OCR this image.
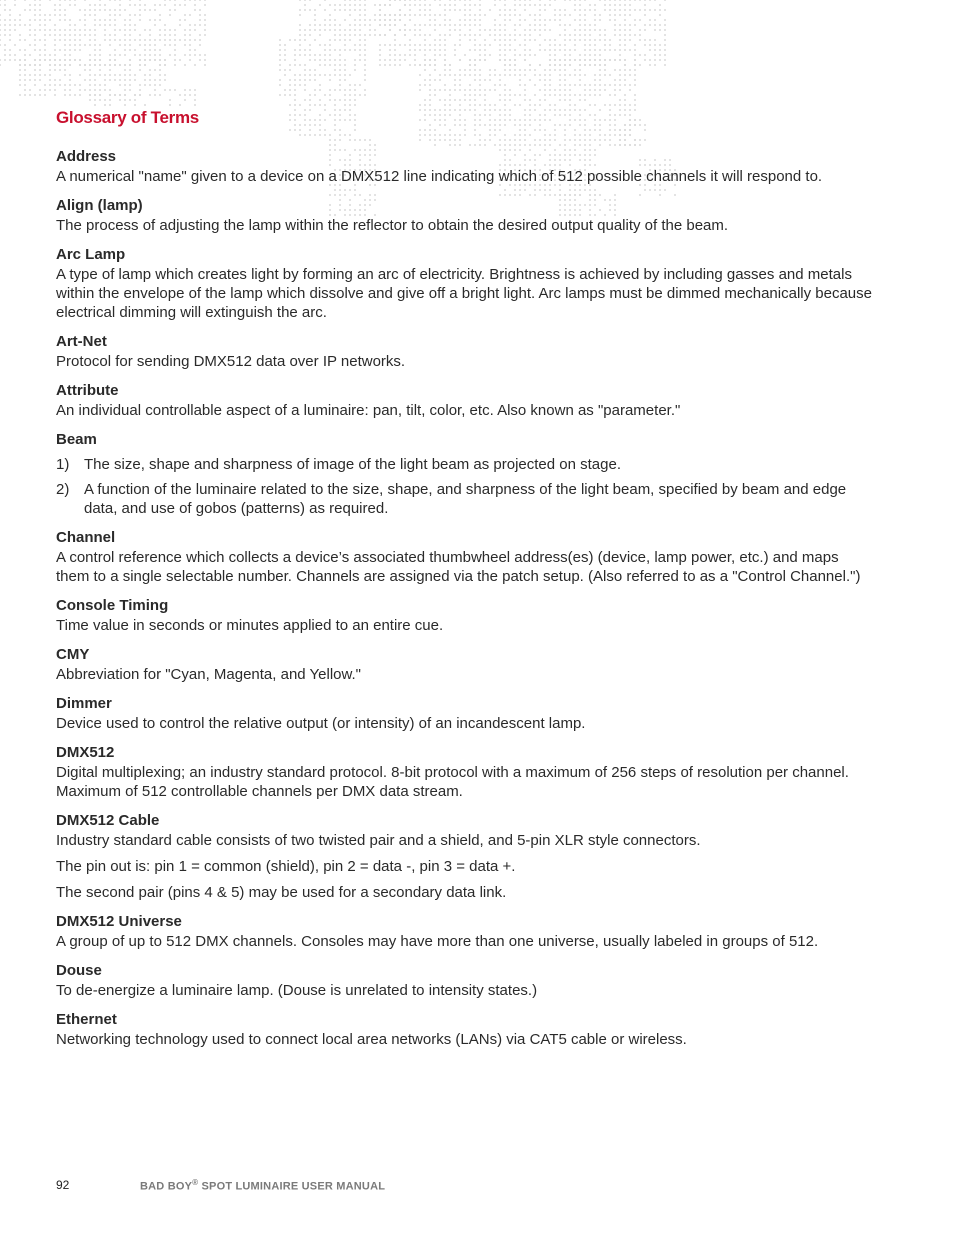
Glossary of Terms
Address
A numerical "name" given to a device on a DMX512 line indicating which of 512 possible channels it will respond to.
Align (lamp)
The process of adjusting the lamp within the reflector to obtain the desired output quality of the beam.
Arc Lamp
A type of lamp which creates light by forming an arc of electricity. Brightness is achieved by including gasses and metals within the envelope of the lamp which dissolve and give off a bright light. Arc lamps must be dimmed mechanically because electrical dimming will extinguish the arc.
Art-Net
Protocol for sending DMX512 data over IP networks.
Attribute
An individual controllable aspect of a luminaire: pan, tilt, color, etc. Also known as "parameter."
Beam
1) The size, shape and sharpness of image of the light beam as projected on stage.
2) A function of the luminaire related to the size, shape, and sharpness of the light beam, specified by beam and edge data, and use of gobos (patterns) as required.
Channel
A control reference which collects a device’s associated thumbwheel address(es) (device, lamp power, etc.) and maps them to a single selectable number. Channels are assigned via the patch setup. (Also referred to as a "Control Channel.")
Console Timing
Time value in seconds or minutes applied to an entire cue.
CMY
Abbreviation for "Cyan, Magenta, and Yellow."
Dimmer
Device used to control the relative output (or intensity) of an incandescent lamp.
DMX512
Digital multiplexing; an industry standard protocol. 8-bit protocol with a maximum of 256 steps of resolution per channel. Maximum of 512 controllable channels per DMX data stream.
DMX512 Cable
Industry standard cable consists of two twisted pair and a shield, and 5-pin XLR style connectors.
The pin out is: pin 1 = common (shield), pin 2 = data -, pin 3 = data +.
The second pair (pins 4 & 5) may be used for a secondary data link.
DMX512 Universe
A group of up to 512 DMX channels. Consoles may have more than one universe, usually labeled in groups of 512.
Douse
To de-energize a luminaire lamp. (Douse is unrelated to intensity states.)
Ethernet
Networking technology used to connect local area networks (LANs) via CAT5 cable or wireless.
92	BAD BOY® SPOT LUMINAIRE USER MANUAL
